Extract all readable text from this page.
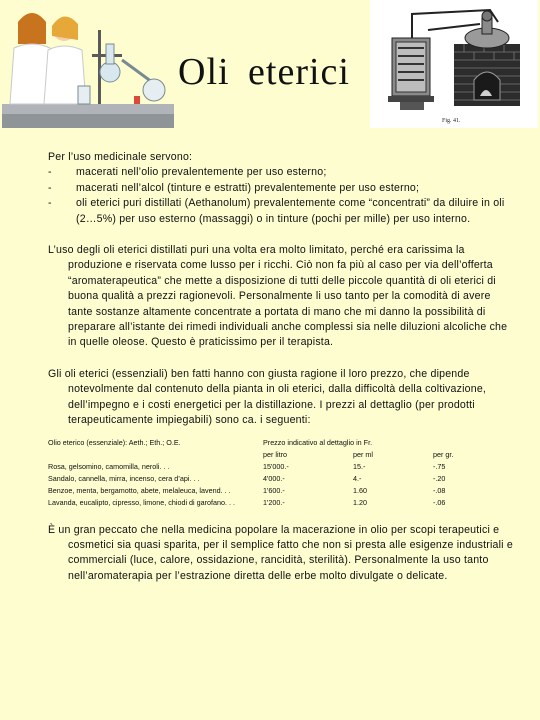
Oli eterici
Fig. 41.

Per l’uso medicinale servono:

-	macerati nell’olio prevalentemente per uso esterno;
-	macerati nell’alcol (tinture e estratti) prevalentemente per uso esterno;
-	oli eterici puri distillati (Aethanolum) prevalentemente come “concentrati” da diluire in oli (2…5%) per uso esterno (massaggi) o in tinture (pochi per mille) per uso interno.

L’uso degli oli eterici distillati puri una volta era molto limitato, perché era carissima la produzione e riservata come lusso per i ricchi. Ciò non fa più al caso per via dell’offerta “aromaterapeutica” che mette a disposizione di tutti delle piccole quantità di oli eterici di buona qualità a prezzi ragionevoli. Personalmente li uso tanto per la comodità di avere tante sostanze altamente concentrate a portata di mano che mi danno la possibilità di preparare all’istante dei rimedi individuali anche complessi sia nelle diluzioni alcoliche che in quelle oleose. Questo è praticissimo per il terapista.

Gli oli eterici (essenziali) ben fatti hanno con giusta ragione il loro prezzo, che dipende notevolmente dal contenuto della pianta in oli eterici, dalla difficoltà della coltivazione, dell’impegno e i costi energetici per la distillazione. I prezzi al dettaglio (per prodotti terapeuticamente impiegabili) sono ca. i seguenti:

Olio eterico (essenziale): Aeth.; Eth.; O.E.	Prezzo indicativo al dettaglio in Fr.		
	per litro	per ml	per gr.
Rosa, gelsomino, camomilla, neroli. . .	15'000.-	15.-	-.75
Sandalo, cannella, mirra, incenso, cera d’api. . .	4'000.-	4.-	-.20
Benzoe, menta, bergamotto, abete, melaleuca, lavend. . .	1'600.-	1.60	-.08
Lavanda, eucalipto, cipresso, limone, chiodi di garofano. . .	1'200.-	1.20	-.06

È un gran peccato che nella medicina popolare la macerazione in olio per scopi terapeutici e cosmetici sia quasi sparita, per il semplice fatto che non si presta alle esigenze industriali e commerciali (luce, calore, ossidazione, rancidità, sterilità). Personalmente la uso tanto nell’aromaterapia per l’estrazione diretta delle erbe molto divulgate o delicate.
